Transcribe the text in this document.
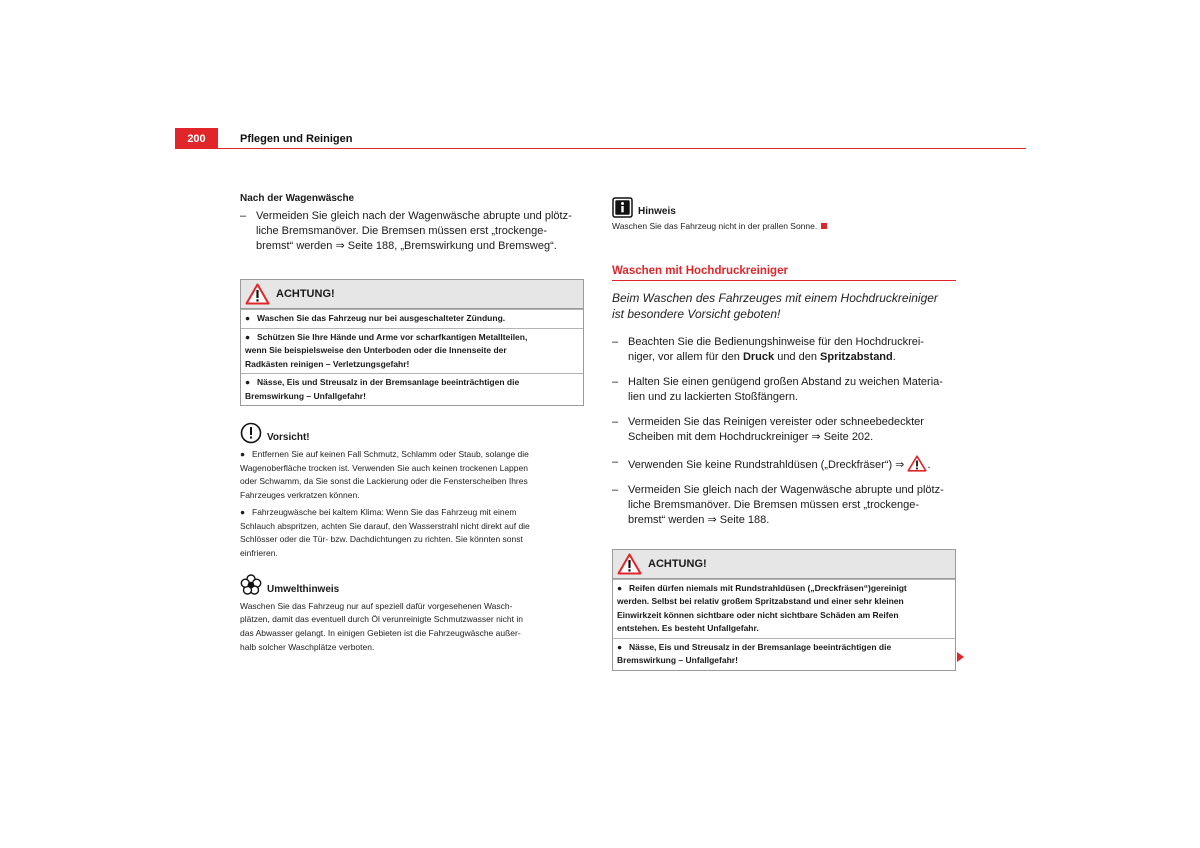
200	Pflegen und Reinigen
Nach der Wagenwäsche
– Vermeiden Sie gleich nach der Wagenwäsche abrupte und plötz-
liche Bremsmanöver. Die Bremsen müssen erst „trockenge-
bremst“ werden ⇒ Seite 188, „Bremswirkung und Bremsweg“.
ACHTUNG!
● Waschen Sie das Fahrzeug nur bei ausgeschalteter Zündung.
● Schützen Sie Ihre Hände und Arme vor scharfkantigen Metallteilen,
wenn Sie beispielsweise den Unterboden oder die Innenseite der
Radkästen reinigen – Verletzungsgefahr!
● Nässe, Eis und Streusalz in der Bremsanlage beeinträchtigen die
Bremswirkung – Unfallgefahr!
Vorsicht!
● Entfernen Sie auf keinen Fall Schmutz, Schlamm oder Staub, solange die
Wagenoberfläche trocken ist. Verwenden Sie auch keinen trockenen Lappen
oder Schwamm, da Sie sonst die Lackierung oder die Fensterscheiben Ihres
Fahrzeuges verkratzen können.
● Fahrzeugwäsche bei kaltem Klima: Wenn Sie das Fahrzeug mit einem
Schlauch abspritzen, achten Sie darauf, den Wasserstrahl nicht direkt auf die
Schlösser oder die Tür- bzw. Dachdichtungen zu richten. Sie könnten sonst
einfrieren.
Umwelthinweis
Waschen Sie das Fahrzeug nur auf speziell dafür vorgesehenen Wasch-
plätzen, damit das eventuell durch Öl verunreinigte Schmutzwasser nicht in
das Abwasser gelangt. In einigen Gebieten ist die Fahrzeugwäsche außer-
halb solcher Waschplätze verboten.
Hinweis
Waschen Sie das Fahrzeug nicht in der prallen Sonne.
Waschen mit Hochdruckreiniger
Beim Waschen des Fahrzeuges mit einem Hochdruckreiniger
ist besondere Vorsicht geboten!
– Beachten Sie die Bedienungshinweise für den Hochdruckrei-
niger, vor allem für den Druck und den Spritzabstand.
– Halten Sie einen genügend großen Abstand zu weichen Materia-
lien und zu lackierten Stoßfängern.
– Vermeiden Sie das Reinigen vereister oder schneebedeckter
Scheiben mit dem Hochdruckreiniger ⇒ Seite 202.
– Verwenden Sie keine Rundstrahldüsen („Dreckfräser“) ⇒ .
– Vermeiden Sie gleich nach der Wagenwäsche abrupte und plötz-
liche Bremsmanöver. Die Bremsen müssen erst „trockenge-
bremst“ werden ⇒ Seite 188.
ACHTUNG!
● Reifen dürfen niemals mit Rundstrahldüsen („Dreckfräsen“)gereinigt
werden. Selbst bei relativ großem Spritzabstand und einer sehr kleinen
Einwirkzeit können sichtbare oder nicht sichtbare Schäden am Reifen
entstehen. Es besteht Unfallgefahr.
● Nässe, Eis und Streusalz in der Bremsanlage beeinträchtigen die
Bremswirkung – Unfallgefahr!
